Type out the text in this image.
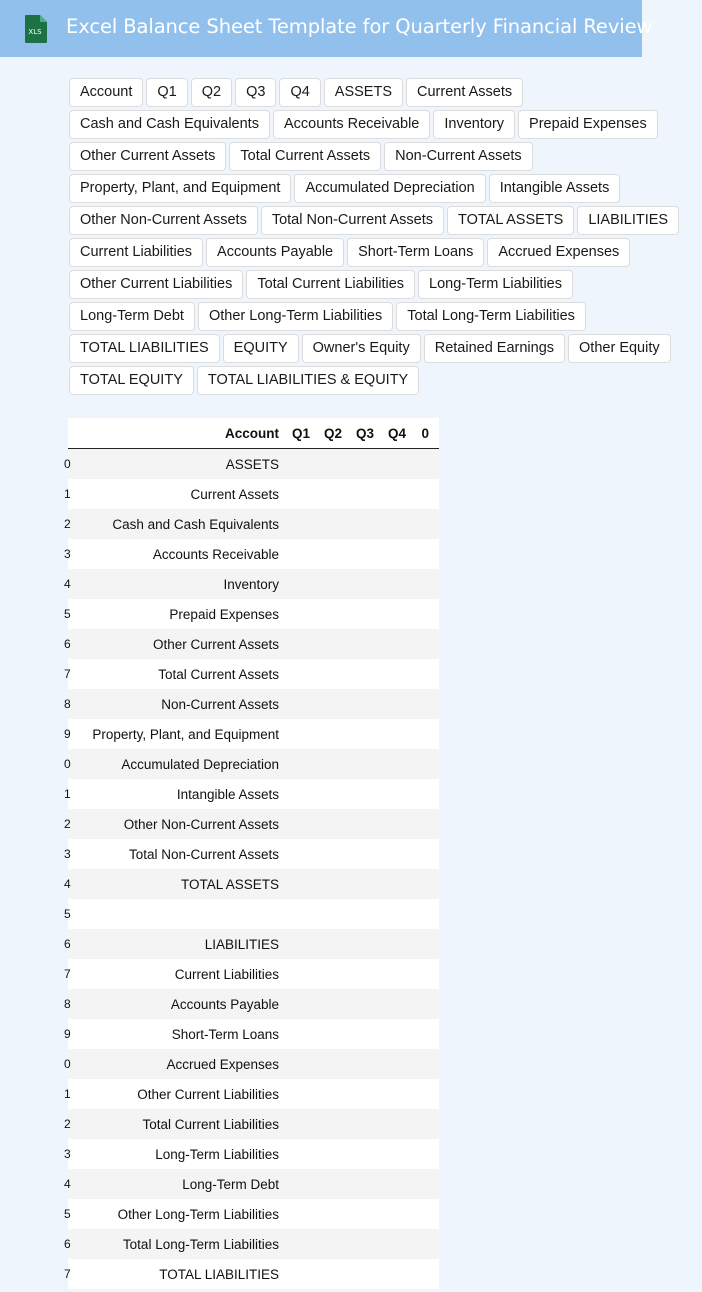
XLS Excel Balance Sheet Template for Quarterly Financial Review
Account	Q1	Q2	Q3	Q4	ASSETS	Current Assets
Cash and Cash Equivalents	Accounts Receivable	Inventory	Prepaid Expenses
Other Current Assets	Total Current Assets	Non-Current Assets
Property, Plant, and Equipment	Accumulated Depreciation	Intangible Assets
Other Non-Current Assets	Total Non-Current Assets	TOTAL ASSETS	LIABILITIES
Current Liabilities	Accounts Payable	Short-Term Loans	Accrued Expenses
Other Current Liabilities	Total Current Liabilities	Long-Term Liabilities
Long-Term Debt	Other Long-Term Liabilities	Total Long-Term Liabilities
TOTAL LIABILITIES	EQUITY	Owner's Equity	Retained Earnings	Other Equity
TOTAL EQUITY	TOTAL LIABILITIES & EQUITY
Account Q1	Q2	Q3	Q4	0
0	ASSETS
1	Current Assets
2	Cash and Cash Equivalents
3	Accounts Receivable
4	Inventory
5	Prepaid Expenses
6	Other Current Assets
7	Total Current Assets
8	Non-Current Assets
9	Property, Plant, and Equipment
0	Accumulated Depreciation
1	Intangible Assets
2	Other Non-Current Assets
3	Total Non-Current Assets
4	TOTAL ASSETS
5
6	LIABILITIES
7	Current Liabilities
8	Accounts Payable
9	Short-Term Loans
0	Accrued Expenses
1	Other Current Liabilities
2	Total Current Liabilities
3	Long-Term Liabilities
4	Long-Term Debt
5	Other Long-Term Liabilities
6	Total Long-Term Liabilities
7	TOTAL LIABILITIES
